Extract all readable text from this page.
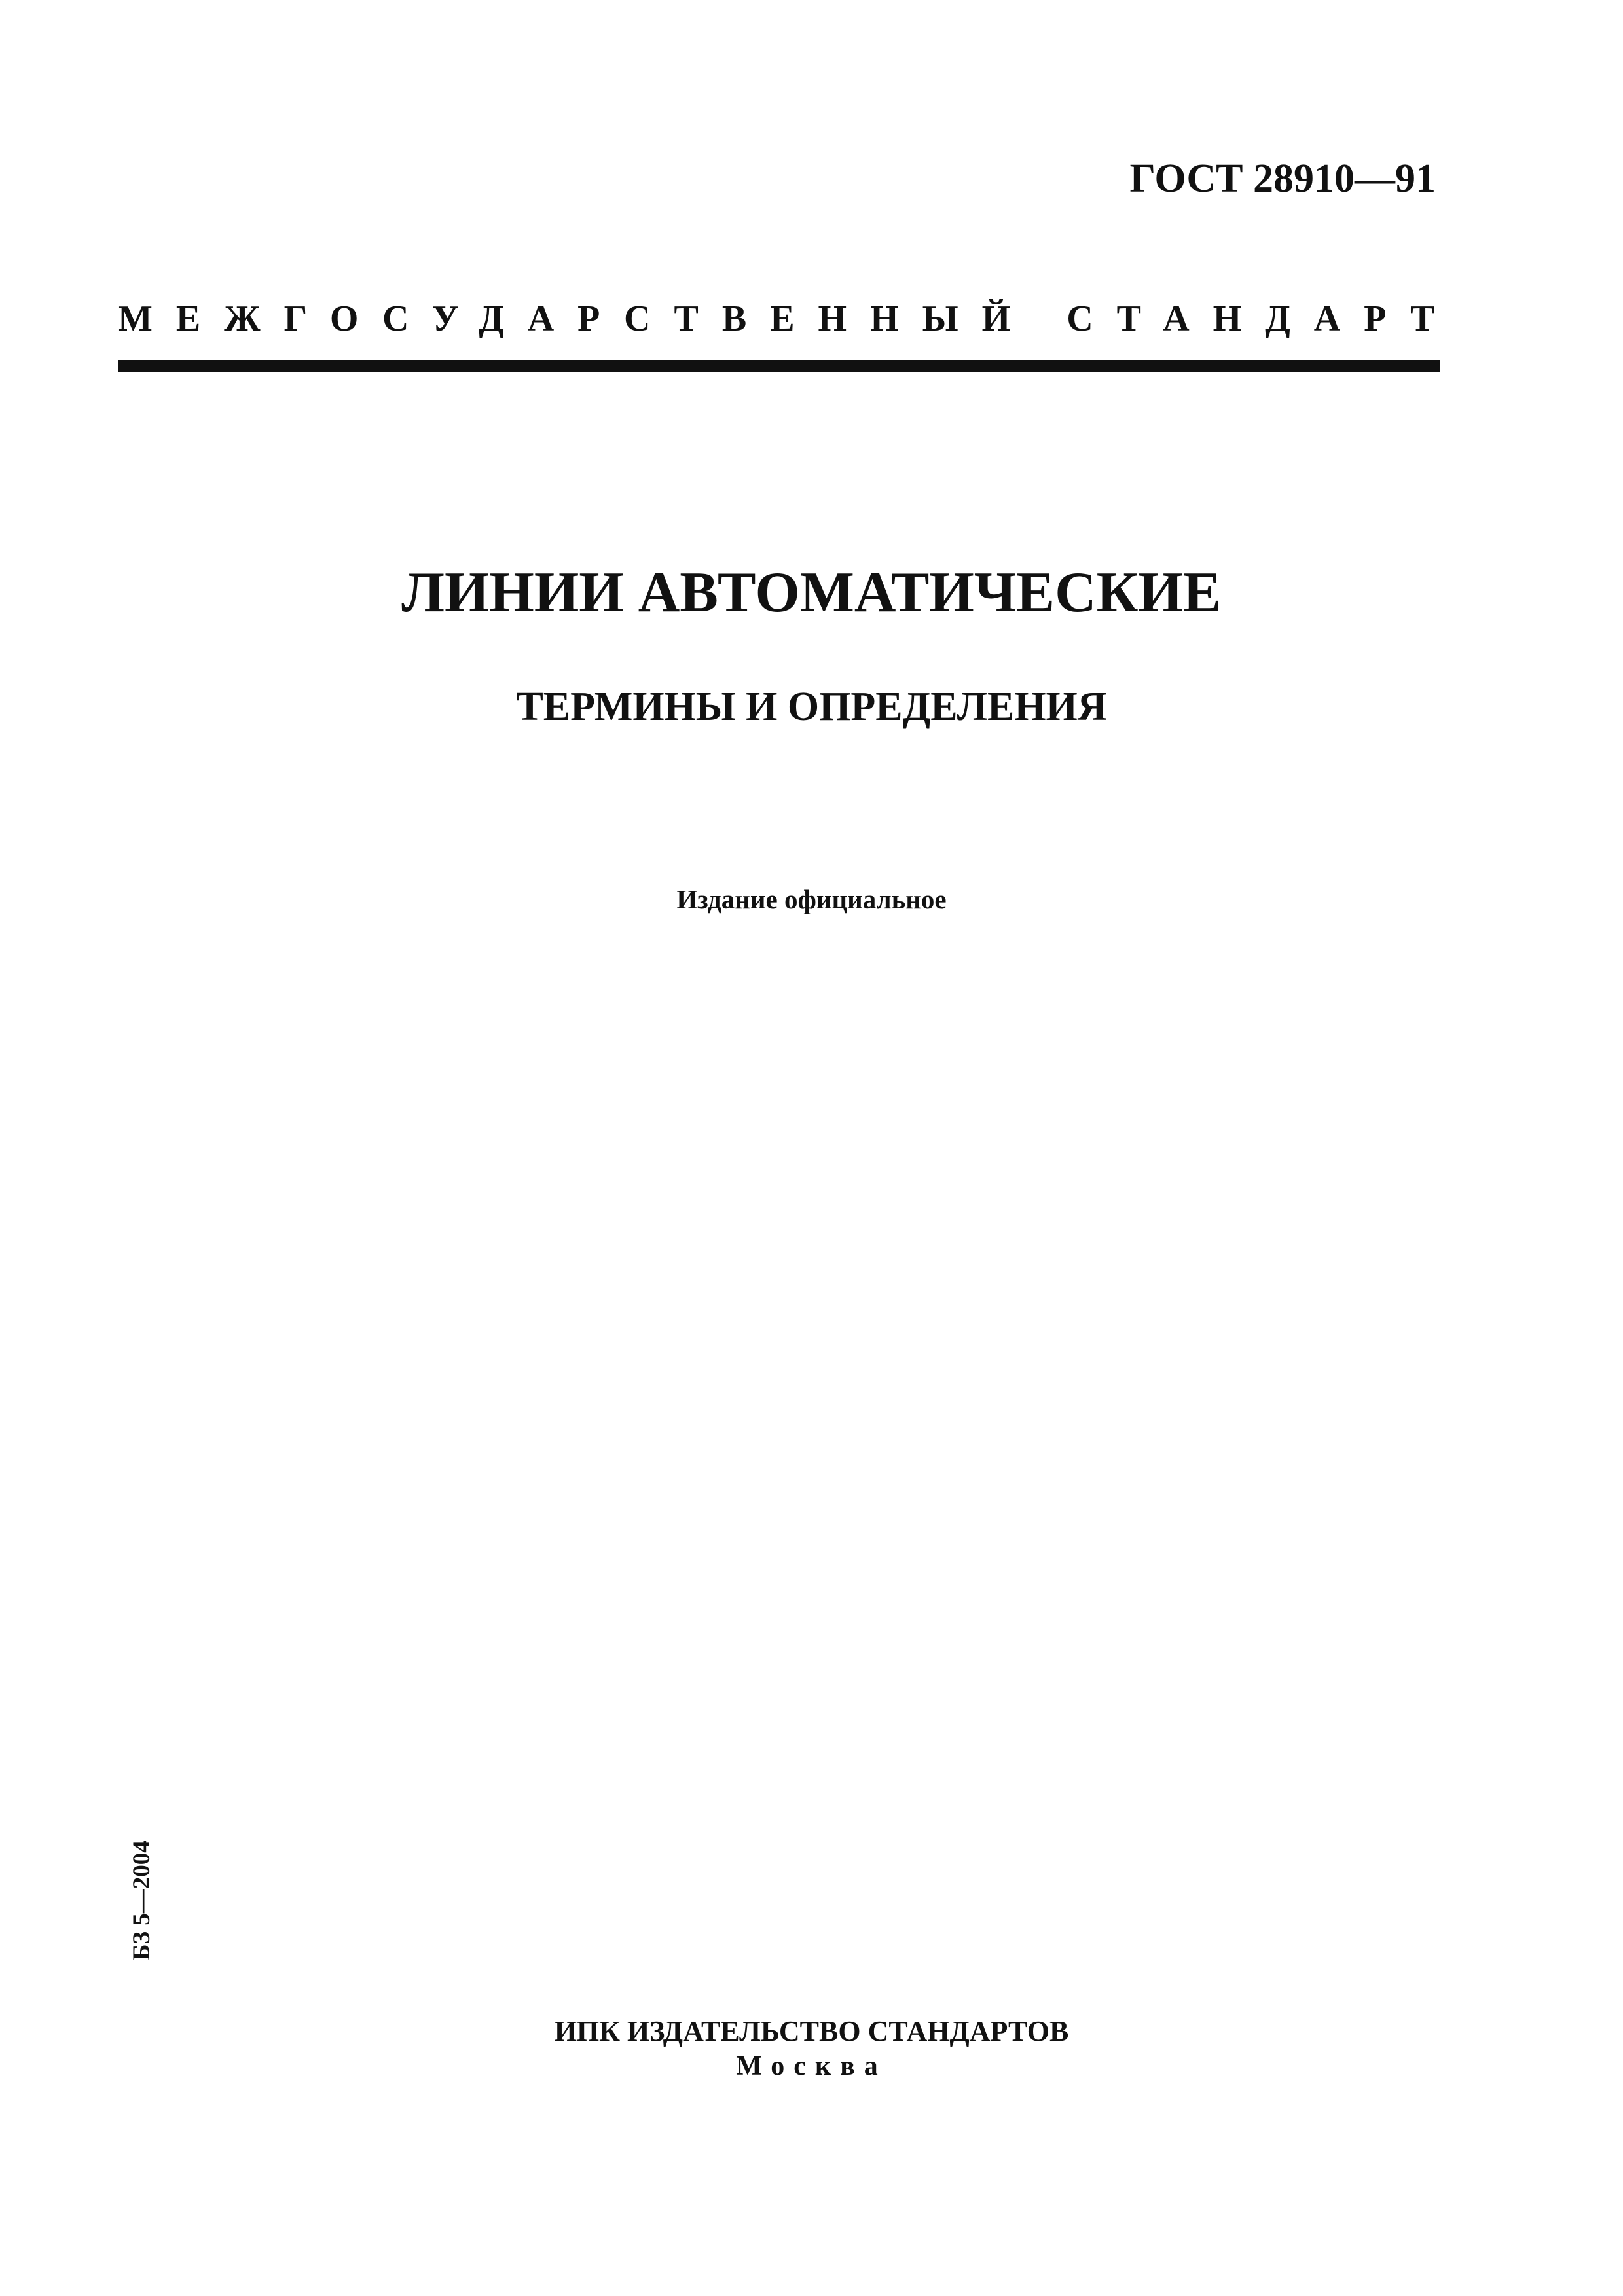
ГОСТ 28910—91
МЕЖГОСУДАРСТВЕННЫЙ СТАНДАРТ
ЛИНИИ АВТОМАТИЧЕСКИЕ
ТЕРМИНЫ И ОПРЕДЕЛЕНИЯ
Издание официальное
БЗ 5—2004
ИПК ИЗДАТЕЛЬСТВО СТАНДАРТОВ
Москва
